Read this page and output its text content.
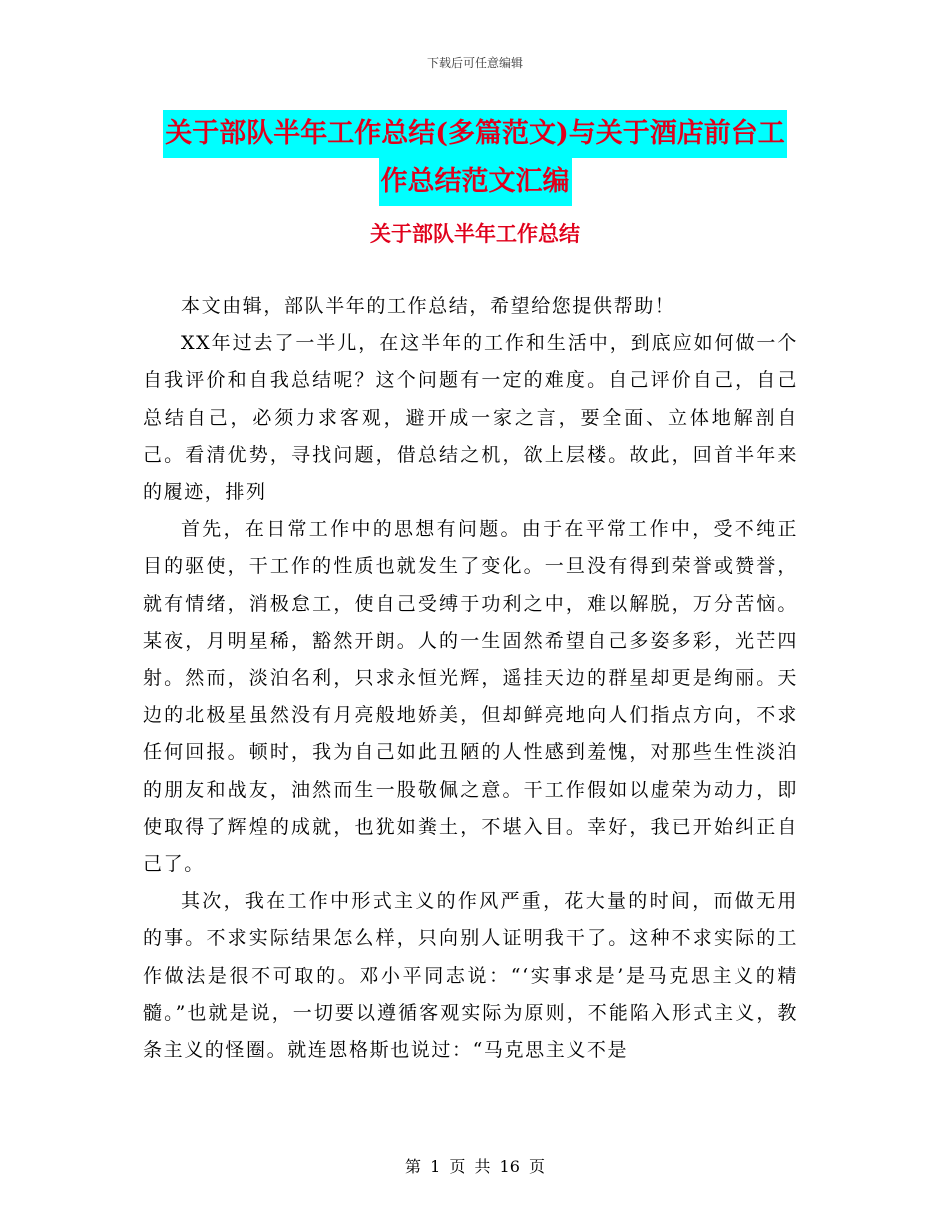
下载后可任意编辑
关于部队半年工作总结(多篇范文)与关于酒店前台工
作总结范文汇编
关于部队半年工作总结

本文由辑，部队半年的工作总结，希望给您提供帮助！

XX年过去了一半儿，在这半年的工作和生活中，到底应如何做一个自我评价和自我总结呢？这个问题有一定的难度。自己评价自己，自己总结自己，必须力求客观，避开成一家之言，要全面、立体地解剖自己。看清优势，寻找问题，借总结之机，欲上层楼。故此，回首半年来的履迹，排列

首先，在日常工作中的思想有问题。由于在平常工作中，受不纯正目的驱使，干工作的性质也就发生了变化。一旦没有得到荣誉或赞誉，就有情绪，消极怠工，使自己受缚于功利之中，难以解脱，万分苦恼。某夜，月明星稀，豁然开朗。人的一生固然希望自己多姿多彩，光芒四射。然而，淡泊名利，只求永恒光辉，遥挂天边的群星却更是绚丽。天边的北极星虽然没有月亮般地娇美，但却鲜亮地向人们指点方向，不求任何回报。顿时，我为自己如此丑陋的人性感到羞愧，对那些生性淡泊的朋友和战友，油然而生一股敬佩之意。干工作假如以虚荣为动力，即使取得了辉煌的成就，也犹如粪土，不堪入目。幸好，我已开始纠正自己了。

其次，我在工作中形式主义的作风严重，花大量的时间，而做无用的事。不求实际结果怎么样，只向别人证明我干了。这种不求实际的工作做法是很不可取的。邓小平同志说：“‘实事求是’是马克思主义的精髓。”也就是说，一切要以遵循客观实际为原则，不能陷入形式主义，教条主义的怪圈。就连恩格斯也说过：“马克思主义不是

第 1 页 共 16 页
